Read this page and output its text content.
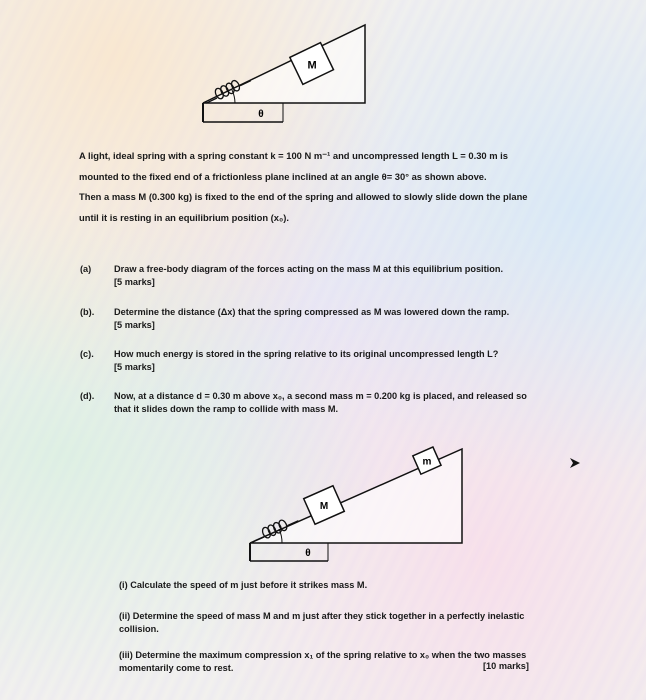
M
θ
A light, ideal spring with a spring constant k = 100 N m⁻¹ and uncompressed length L = 0.30 m is
mounted to the fixed end of a frictionless plane inclined at an angle θ= 30° as shown above.
Then a mass M (0.300 kg) is fixed to the end of the spring and allowed to slowly slide down the plane
until it is resting in an equilibrium position (x₀).
(a) Draw a free-body diagram of the forces acting on the mass M at this equilibrium position.
[5 marks]
(b). Determine the distance (Δx) that the spring compressed as M was lowered down the ramp.
[5 marks]
(c). How much energy is stored in the spring relative to its original uncompressed length L?
[5 marks]
(d). Now, at a distance d = 0.30 m above x₀, a second mass m = 0.200 kg is placed, and released so
that it slides down the ramp to collide with mass M.
M
m
θ
(i) Calculate the speed of m just before it strikes mass M.
(ii) Determine the speed of mass M and m just after they stick together in a perfectly inelastic
collision.
(iii) Determine the maximum compression x₁ of the spring relative to x₀ when the two masses
momentarily come to rest.	[10 marks]
